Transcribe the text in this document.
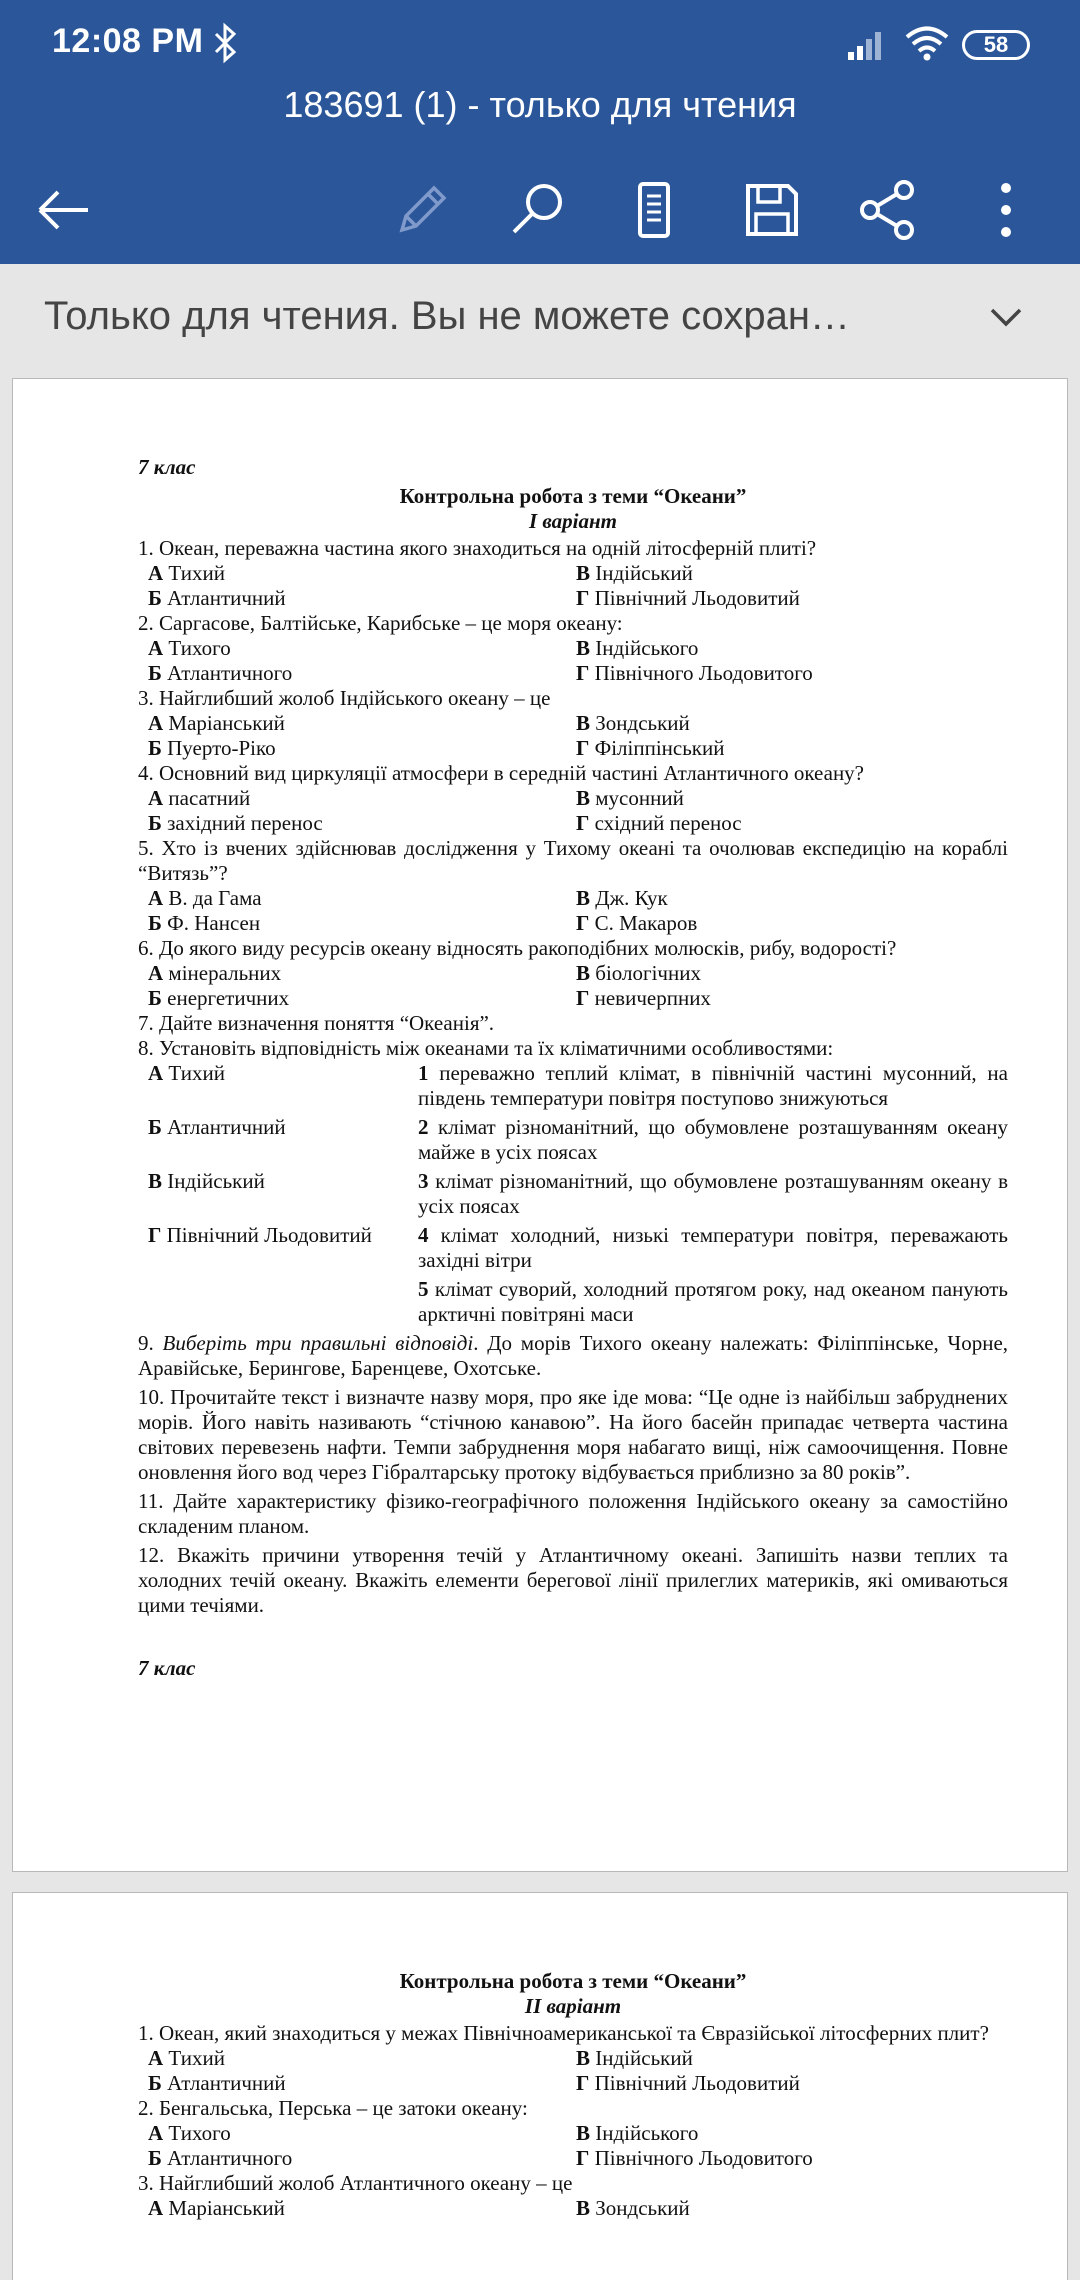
12:08 PM	58
183691 (1) - только для чтения
Только для чтения. Вы не можете сохран…
7 клас
Контрольна робота з теми “Океани”
І варіант
1. Океан, переважна частина якого знаходиться на одній літосферній плиті?
А Тихий	В Індійський
Б Атлантичний	Г Північний Льодовитий
2. Саргасове, Балтійське, Карибське – це моря океану:
А Тихого	В Індійського
Б Атлантичного	Г Північного Льодовитого
3. Найглибший жолоб Індійського океану – це
А Маріанський	В Зондський
Б Пуерто-Ріко	Г Філіппінський
4. Основний вид циркуляції атмосфери в середній частині Атлантичного океану?
А пасатний	В мусонний
Б західний перенос	Г східний перенос
5. Хто із вчених здійснював дослідження у Тихому океані та очолював експедицію на кораблі “Витязь”?
А В. да Гама	В Дж. Кук
Б Ф. Нансен	Г С. Макаров
6. До якого виду ресурсів океану відносять ракоподібних молюсків, рибу, водорості?
А мінеральних	В біологічних
Б енергетичних	Г невичерпних
7. Дайте визначення поняття “Океанія”.
8. Установіть відповідність між океанами та їх кліматичними особливостями:
А Тихий	1 переважно теплий клімат, в північній частині мусонний, на південь температури повітря поступово знижуються
Б Атлантичний	2 клімат різноманітний, що обумовлене розташуванням океану майже в усіх поясах
В Індійський	3 клімат різноманітний, що обумовлене розташуванням океану в усіх поясах
Г Північний Льодовитий	4 клімат холодний, низькі температури повітря, переважають західні вітри
5 клімат суворий, холодний протягом року, над океаном панують арктичні повітряні маси
9. Виберіть три правильні відповіді. До морів Тихого океану належать: Філіппінське, Чорне, Аравійське, Берингове, Баренцеве, Охотське.
10. Прочитайте текст і визначте назву моря, про яке іде мова: “Це одне із найбільш забруднених морів. Його навіть називають “стічною канавою”. На його басейн припадає четверта частина світових перевезень нафти. Темпи забруднення моря набагато вищі, ніж самоочищення. Повне оновлення його вод через Гібралтарську протоку відбувається приблизно за 80 років”.
11. Дайте характеристику фізико-географічного положення Індійського океану за самостійно складеним планом.
12. Вкажіть причини утворення течій у Атлантичному океані. Запишіть назви теплих та холодних течій океану. Вкажіть елементи берегової лінії прилеглих материків, які омиваються цими течіями.
7 клас
Контрольна робота з теми “Океани”
ІІ варіант
1. Океан, який знаходиться у межах Північноамериканської та Євразійської літосферних плит?
А Тихий	В Індійський
Б Атлантичний	Г Північний Льодовитий
2. Бенгальська, Перська – це затоки океану:
А Тихого	В Індійського
Б Атлантичного	Г Північного Льодовитого
3. Найглибший жолоб Атлантичного океану – це
А Маріанський	В Зондський
